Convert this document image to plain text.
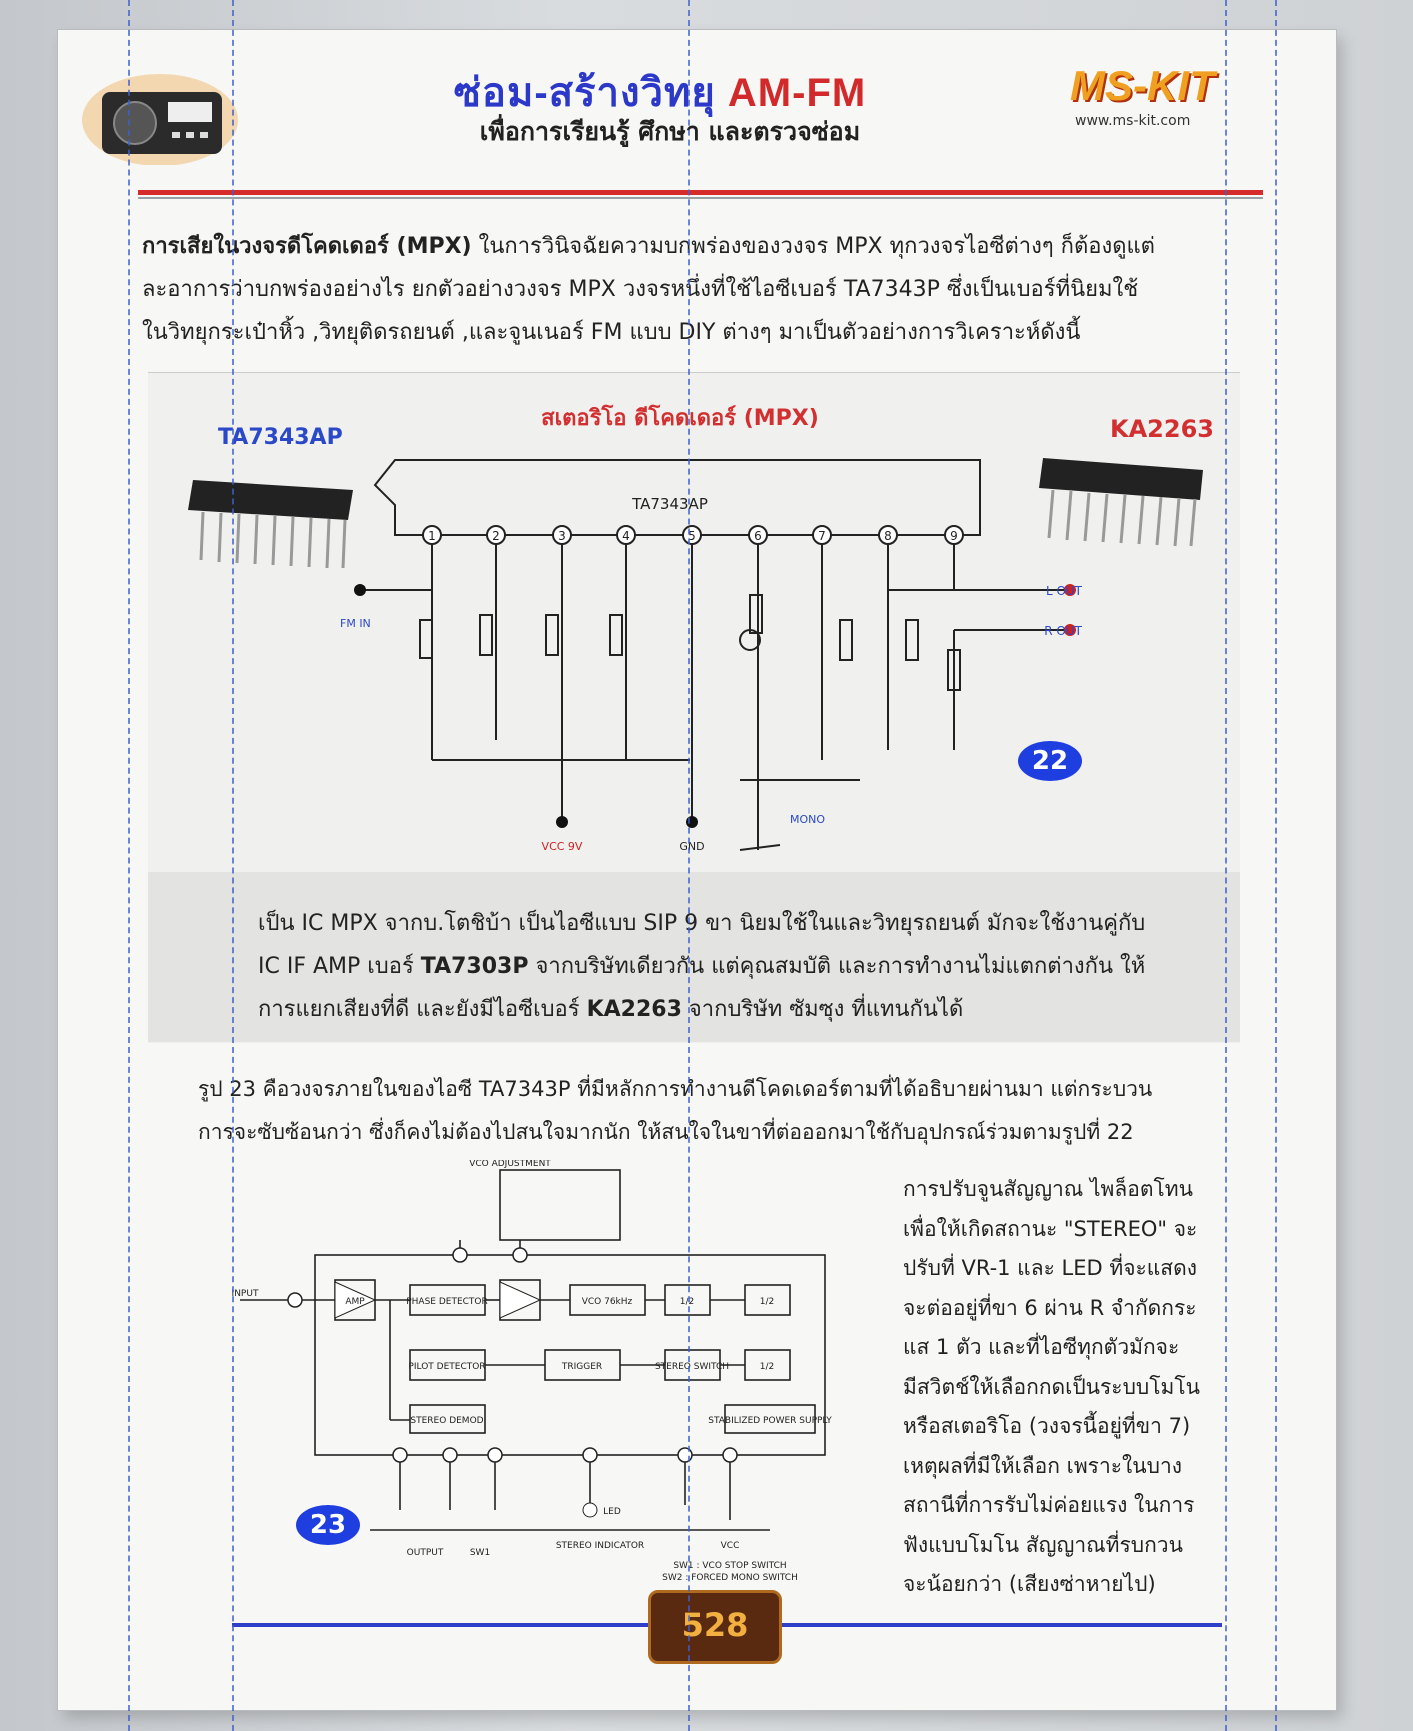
ซ่อม-สร้างวิทยุ AM-FM
เพื่อการเรียนรู้ ศึกษา และตรวจซ่อม
MS-KIT
www.ms-kit.com
การเสียในวงจรดีโคดเดอร์ (MPX) ในการวินิจฉัยความบกพร่องของวงจร MPX ทุกวงจรไอซีต่างๆ ก็ต้องดูแต่
ละอาการว่าบกพร่องอย่างไร ยกตัวอย่างวงจร MPX วงจรหนึ่งที่ใช้ไอซีเบอร์ TA7343P ซึ่งเป็นเบอร์ที่นิยมใช้
ในวิทยุกระเป๋าหิ้ว ,วิทยุติดรถยนต์ ,และจูนเนอร์ FM แบบ DIY ต่างๆ มาเป็นตัวอย่างการวิเคราะห์ดังนี้
สเตอริโอ ดีโคดเดอร์ (MPX)
TA7343AP	KA2263
1	2	3	4	5	6	7	8	9
TA7343AP
FM IN
L OUT
R OUT
VCC 9V	GND
MONO
22
เป็น IC MPX จากบ.โตชิบ้า เป็นไอซีแบบ SIP 9 ขา นิยมใช้ในและวิทยุรถยนต์ มักจะใช้งานคู่กับ
IC IF AMP เบอร์ TA7303P จากบริษัทเดียวกัน แต่คุณสมบัติ และการทำงานไม่แตกต่างกัน ให้
การแยกเสียงที่ดี และยังมีไอซีเบอร์ KA2263 จากบริษัท ซัมซุง ที่แทนกันได้
รูป 23 คือวงจรภายในของไอซี TA7343P ที่มีหลักการทำงานดีโคดเดอร์ตามที่ได้อธิบายผ่านมา แต่กระบวน
การจะซับซ้อนกว่า ซึ่งก็คงไม่ต้องไปสนใจมากนัก ให้สนใจในขาที่ต่อออกมาใช้กับอุปกรณ์ร่วมตามรูปที่ 22
VCO ADJUSTMENT
INPUT
AMP	PHASE DETECTOR	VCO 76kHz	1/2	1/2
PILOT DETECTOR	TRIGGER	STEREO SWITCH	1/2
STEREO DEMOD	STABILIZED POWER SUPPLY
OUTPUT	SW1
LED
STEREO INDICATOR	VCC
SW1 : VCO STOP SWITCH
SW2 : FORCED MONO SWITCH
23
การปรับจูนสัญญาณ ไพล็อตโทน
เพื่อให้เกิดสถานะ "STEREO" จะ
ปรับที่ VR-1 และ LED ที่จะแสดง
จะต่ออยู่ที่ขา 6 ผ่าน R จำกัดกระ
แส 1 ตัว และที่ไอซีทุกตัวมักจะ
มีสวิตช์ให้เลือกกดเป็นระบบโมโน
หรือสเตอริโอ (วงจรนี้อยู่ที่ขา 7)
เหตุผลที่มีให้เลือก เพราะในบาง
สถานีที่การรับไม่ค่อยแรง ในการ
ฟังแบบโมโน สัญญาณที่รบกวน
จะน้อยกว่า (เสียงซ่าหายไป)
528
